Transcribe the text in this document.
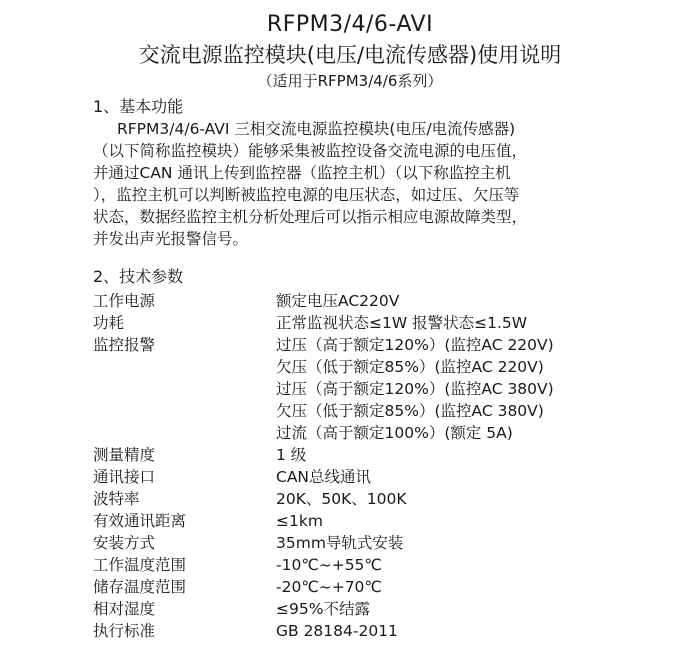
RFPM3/4/6-AVI
交流电源监控模块(电压/电流传感器)使用说明
（适用于RFPM3/4/6系列）
1、基本功能

RFPM3/4/6-AVI 三相交流电源监控模块(电压/电流传感器)

（以下简称监控模块）能够采集被监控设备交流电源的电压值，

并通过CAN 通讯上传到监控器（监控主机）（以下称监控主机

），监控主机可以判断被监控电源的电压状态，如过压、欠压等

状态，数据经监控主机分析处理后可以指示相应电源故障类型，

并发出声光报警信号。

2、技术参数
工作电源	额定电压AC220V
功耗	正常监视状态≤1W 报警状态≤1.5W
监控报警	过压（高于额定120%）(监控AC 220V)
欠压（低于额定85%）(监控AC 220V)
过压（高于额定120%）(监控AC 380V)
欠压（低于额定85%）(监控AC 380V)
过流（高于额定100%）(额定 5A)
测量精度	1 级
通讯接口	CAN总线通讯
波特率	20K、50K、100K
有效通讯距离	≤1km
安装方式	35mm导轨式安装
工作温度范围	-10℃~+55℃
储存温度范围	-20℃~+70℃
相对湿度	≤95%不结露
执行标准	GB 28184-2011
